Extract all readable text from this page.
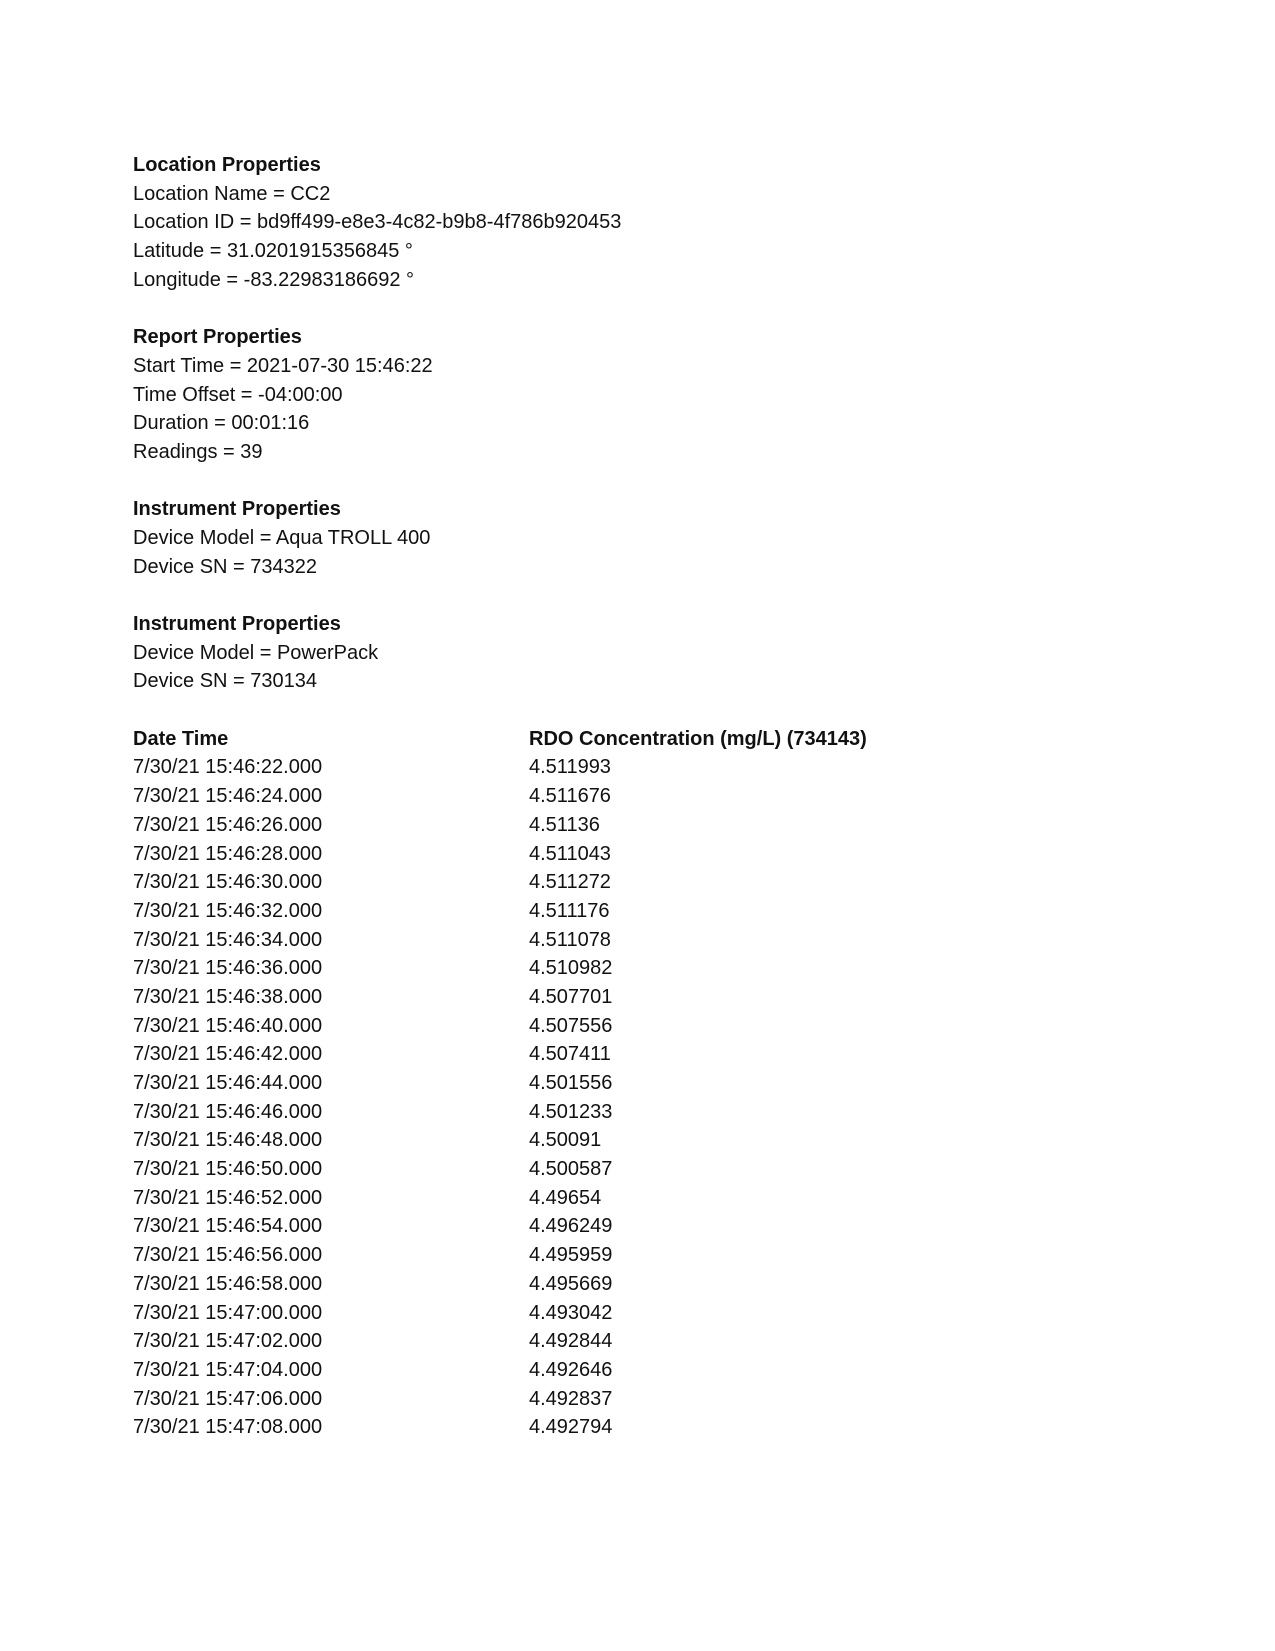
Location Properties
Location Name = CC2
Location ID = bd9ff499-e8e3-4c82-b9b8-4f786b920453
Latitude = 31.0201915356845 °
Longitude = -83.22983186692 °
Report Properties
Start Time = 2021-07-30 15:46:22
Time Offset = -04:00:00
Duration = 00:01:16
Readings = 39
Instrument Properties
Device Model = Aqua TROLL 400
Device SN = 734322
Instrument Properties
Device Model = PowerPack
Device SN = 730134
Date Time	RDO Concentration (mg/L) (734143)
7/30/21 15:46:22.000	4.511993
7/30/21 15:46:24.000	4.511676
7/30/21 15:46:26.000	4.51136
7/30/21 15:46:28.000	4.511043
7/30/21 15:46:30.000	4.511272
7/30/21 15:46:32.000	4.511176
7/30/21 15:46:34.000	4.511078
7/30/21 15:46:36.000	4.510982
7/30/21 15:46:38.000	4.507701
7/30/21 15:46:40.000	4.507556
7/30/21 15:46:42.000	4.507411
7/30/21 15:46:44.000	4.501556
7/30/21 15:46:46.000	4.501233
7/30/21 15:46:48.000	4.50091
7/30/21 15:46:50.000	4.500587
7/30/21 15:46:52.000	4.49654
7/30/21 15:46:54.000	4.496249
7/30/21 15:46:56.000	4.495959
7/30/21 15:46:58.000	4.495669
7/30/21 15:47:00.000	4.493042
7/30/21 15:47:02.000	4.492844
7/30/21 15:47:04.000	4.492646
7/30/21 15:47:06.000	4.492837
7/30/21 15:47:08.000	4.492794
